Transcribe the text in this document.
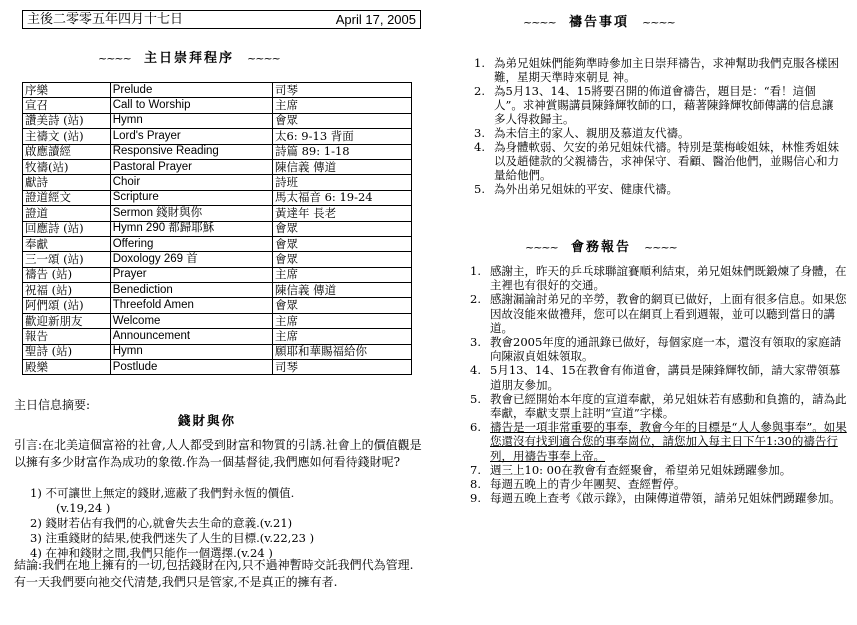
主後二零零五年四月十七日	April 17, 2005
~~~~ 主日崇拜程序 ~~~~
序樂	Prelude	司琴
宣召	Call to Worship	主席
讚美詩 (站)	Hymn	會眾
主禱文 (站)	Lord's Prayer	太6: 9-13 背面
啟應讀經	Responsive Reading	詩篇 89: 1-18
牧禱(站)	Pastoral Prayer	陳信義 傳道
獻詩	Choir	詩班
證道經文	Scripture	馬太福音 6: 19-24
證道	Sermon 錢財與你	黃達年 長老
回應詩 (站)	Hymn 290 都歸耶穌	會眾
奉獻	Offering	會眾
三一頌 (站)	Doxology 269 首	會眾
禱告 (站)	Prayer	主席
祝福 (站)	Benediction	陳信義 傳道
阿們頌 (站)	Threefold Amen	會眾
歡迎新朋友	Welcome	主席
報告	Announcement	主席
聖詩 (站)	Hymn	願耶和華賜福給你
殿樂	Postlude	司琴
主日信息摘要:
錢財與你
引言:在北美這個富裕的社會,人人都受到財富和物質的引誘.社會上的價值觀是以擁有多少財富作為成功的象徵.作為一個基督徒,我們應如何看待錢財呢?
1) 不可讓世上無定的錢財,遮蔽了我們對永恆的價值.
(v.19,24 )
2) 錢財若佔有我們的心,就會失去生命的意義.(v.21)
3) 注重錢財的結果,使我們迷失了人生的目標.(v.22,23 )
4) 在神和錢財之間,我們只能作一個選擇.(v.24 )
結論:我們在地上擁有的一切,包括錢財在內,只不過神暫時交託我們代為管理.有一天我們要向祂交代清楚,我們只是管家,不是真正的擁有者.
~~~~ 禱告事項 ~~~~
1. 為弟兄姐妹們能夠準時參加主日崇拜禱告，求神幫助我們克服各樣困難，星期天準時來朝見 神。
2. 為5月13、14、15將要召開的佈道會禱告，題目是：“看！這個人”。求神賞賜講員陳鋒輝牧師的口，藉著陳鋒輝牧師傳講的信息讓多人得救歸主。
3. 為未信主的家人、親朋及慕道友代禱。
4. 為身體軟弱、欠安的弟兄姐妹代禱。特別是葉梅峻姐妹，林惟秀姐妹以及趙健款的父親禱告，求神保守、看顧、醫治他們，並賜信心和力量給他們。
5. 為外出弟兄姐妹的平安、健康代禱。
~~~~ 會務報告 ~~~~
1. 感謝主，昨天的乒乓球聯誼賽順利結束，弟兄姐妹們既鍛煉了身體，在主裡也有很好的交通。
2. 感謝漏論討弟兄的辛勞，教會的網頁已做好，上面有很多信息。如果您因故沒能來做禮拜，您可以在網頁上看到週報，並可以聽到當日的講道。
3. 教會2005年度的通訊錄已做好，每個家庭一本，還沒有領取的家庭請向陳淑貞姐妹領取。
4. 5月13、14、15在教會有佈道會，講員是陳鋒輝牧師，請大家帶領慕道朋友參加。
5. 教會已經開始本年度的宣道奉獻，弟兄姐妹若有感動和負擔的，請為此奉獻，奉獻支票上註明“宣道”字樣。
6. 禱告是一項非常重要的事奉，教會今年的目標是“人人參與事奉”。如果您還沒有找到適合您的事奉崗位，請您加入每主日下午1:30的禱告行列，用禱告事奉上帝。
7. 週三上10: 00在教會有查經聚會，希望弟兄姐妹踴躍參加。
8. 每週五晚上的青少年團契、查經暫停。
9. 每週五晚上查考《啟示錄》，由陳傳道帶領，請弟兄姐妹們踴躍參加。
